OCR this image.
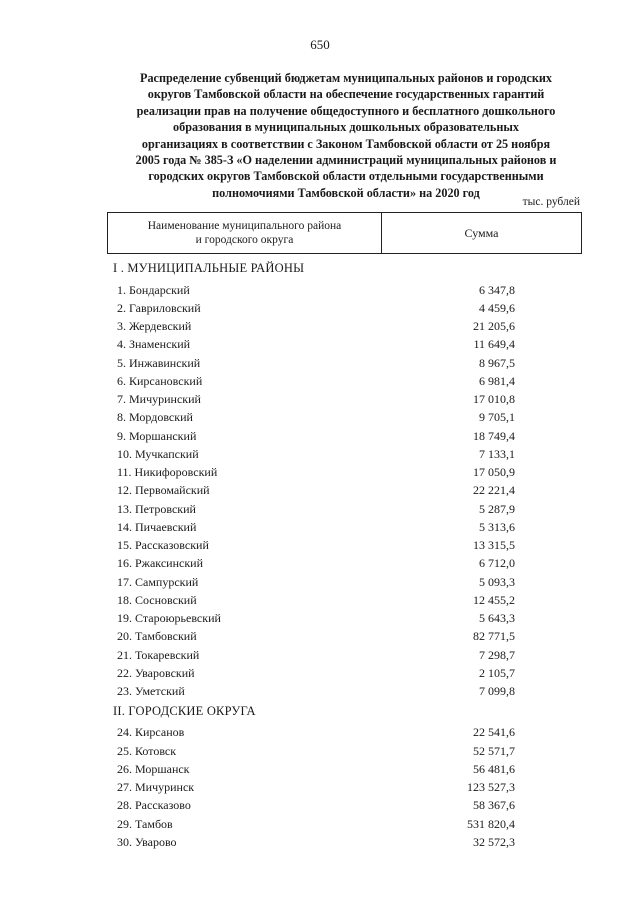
650
Распределение субвенций бюджетам муниципальных районов и городских
округов Тамбовской области на обеспечение государственных гарантий
реализации прав на получение общедоступного и бесплатного дошкольного
образования в муниципальных дошкольных образовательных
организациях в соответствии с Законом Тамбовской области от 25 ноября
2005 года № 385-З «О наделении администраций муниципальных районов и
городских округов Тамбовской области отдельными государственными
полномочиями Тамбовской области» на 2020 год
тыс. рублей
Наименование муниципального района
и городского округа
Сумма
I . МУНИЦИПАЛЬНЫЕ РАЙОНЫ
1. Бондарский	6 347,8
2. Гавриловский	4 459,6
3. Жердевский	21 205,6
4. Знаменский	11 649,4
5. Инжавинский	8 967,5
6. Кирсановский	6 981,4
7. Мичуринский	17 010,8
8. Мордовский	9 705,1
9. Моршанский	18 749,4
10. Мучкапский	7 133,1
11. Никифоровский	17 050,9
12. Первомайский	22 221,4
13. Петровский	5 287,9
14. Пичаевский	5 313,6
15. Рассказовский	13 315,5
16. Ржаксинский	6 712,0
17. Сампурский	5 093,3
18. Сосновский	12 455,2
19. Староюрьевский	5 643,3
20. Тамбовский	82 771,5
21. Токаревский	7 298,7
22. Уваровский	2 105,7
23. Уметский	7 099,8
II. ГОРОДСКИЕ ОКРУГА
24. Кирсанов	22 541,6
25. Котовск	52 571,7
26. Моршанск	56 481,6
27. Мичуринск	123 527,3
28. Рассказово	58 367,6
29. Тамбов	531 820,4
30. Уварово	32 572,3
